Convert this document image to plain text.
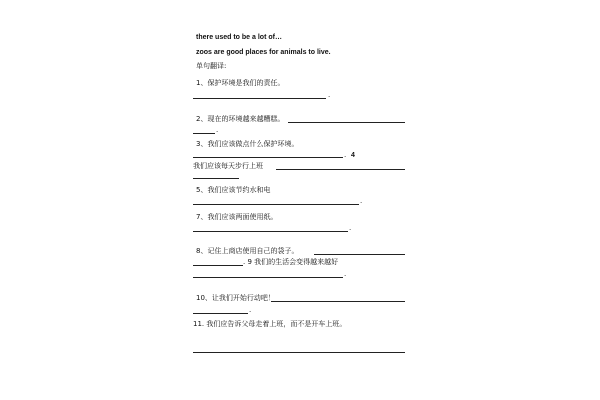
there used to be a lot of…
zoos are good places for animals to live.
单句翻译:
1、保护环境是我们的责任。
.
2、现在的环境越来越糟糕。
.
3、我们应该做点什么保护环境。
. 4
我们应该每天步行上班
5、我们应该节约水和电
.
7、我们应该两面使用纸。
.
8、记住上商店使用自己的袋子。
. 9 我们的生活会变得越来越好
.
10、让我们开始行动吧！
.
11. 我们应告诉父母走着上班，而不是开车上班。
